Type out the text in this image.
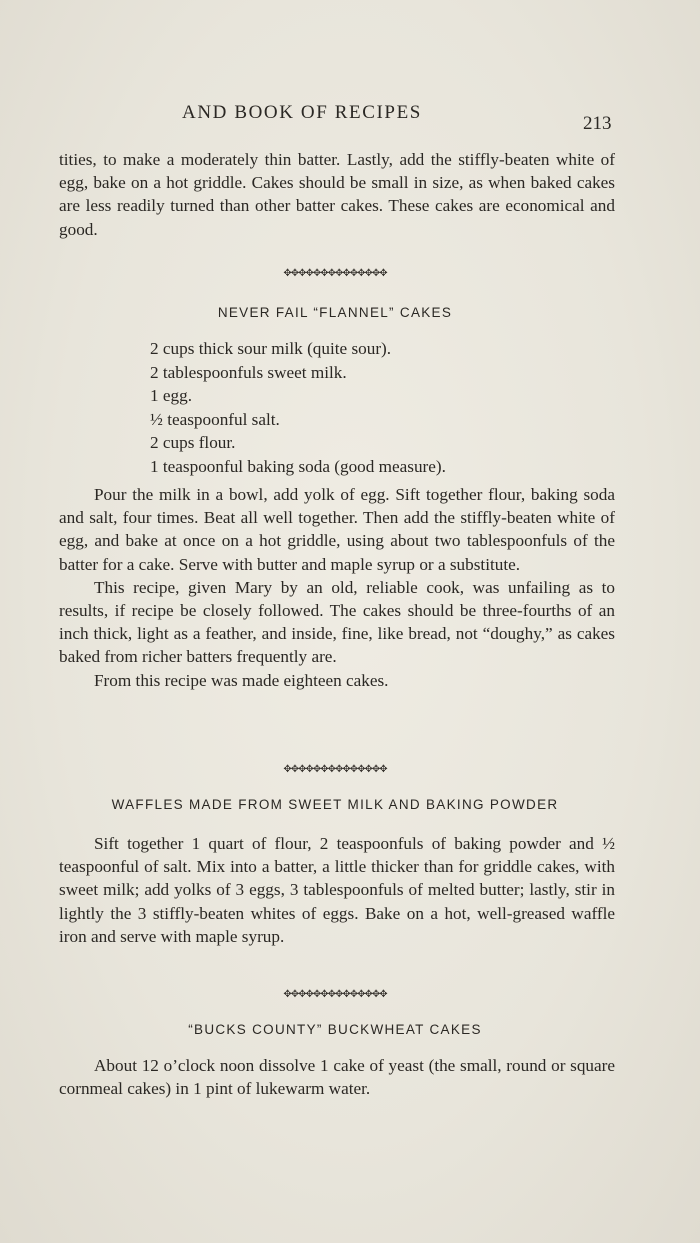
AND BOOK OF RECIPES
213

tities, to make a moderately thin batter. Lastly, add the stiffly-beaten white of egg, bake on a hot griddle. Cakes should be small in size, as when baked cakes are less readily turned than other batter cakes. These cakes are economical and good.

✥✥✥✥✥✥✥✥✥✥✥✥✥✥
NEVER FAIL “FLANNEL” CAKES
2 cups thick sour milk (quite sour).
2 tablespoonfuls sweet milk.
1 egg.
½ teaspoonful salt.
2 cups flour.
1 teaspoonful baking soda (good measure).

Pour the milk in a bowl, add yolk of egg. Sift together flour, baking soda and salt, four times. Beat all well together. Then add the stiffly-beaten white of egg, and bake at once on a hot griddle, using about two tablespoonfuls of the batter for a cake. Serve with butter and maple syrup or a substitute.

This recipe, given Mary by an old, reliable cook, was unfailing as to results, if recipe be closely followed. The cakes should be three-fourths of an inch thick, light as a feather, and inside, fine, like bread, not “doughy,” as cakes baked from richer batters frequently are.

From this recipe was made eighteen cakes.

✥✥✥✥✥✥✥✥✥✥✥✥✥✥
WAFFLES MADE FROM SWEET MILK AND BAKING POWDER

Sift together 1 quart of flour, 2 teaspoonfuls of baking powder and ½ teaspoonful of salt. Mix into a batter, a little thicker than for griddle cakes, with sweet milk; add yolks of 3 eggs, 3 tablespoonfuls of melted butter; lastly, stir in lightly the 3 stiffly-beaten whites of eggs. Bake on a hot, well-greased waffle iron and serve with maple syrup.

✥✥✥✥✥✥✥✥✥✥✥✥✥✥
“BUCKS COUNTY” BUCKWHEAT CAKES

About 12 o’clock noon dissolve 1 cake of yeast (the small, round or square cornmeal cakes) in 1 pint of lukewarm water.
